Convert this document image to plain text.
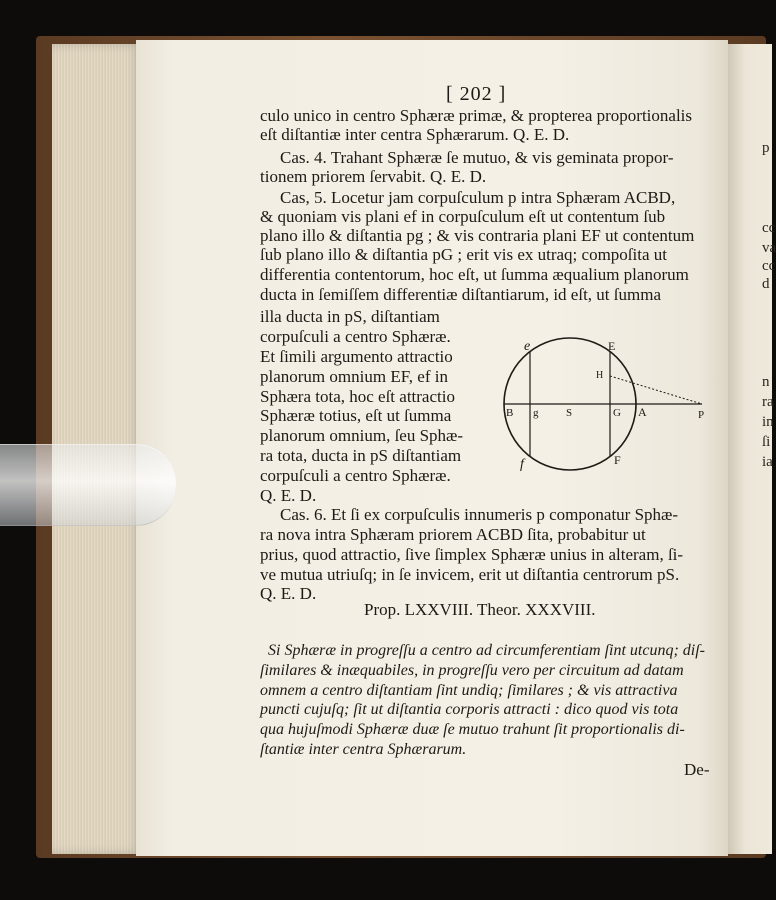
p
cc
va
cc
d
n
ra
in
ſi
ia
[ 202 ]
culo unico in centro Sphæræ primæ, & propterea proportionalis
eſt diſtantiæ inter centra Sphærarum. Q. E. D.
Cas. 4. Trahant Sphæræ ſe mutuo, & vis geminata propor-
tionem priorem ſervabit. Q. E. D.
Cas, 5. Locetur jam corpuſculum p intra Sphæram ACBD,
& quoniam vis plani ef in corpuſculum eſt ut contentum ſub
plano illo & diſtantia pg ; & vis contraria plani EF ut contentum
ſub plano illo & diſtantia pG ; erit vis ex utraq; compoſita ut
differentia contentorum, hoc eſt, ut ſumma æqualium planorum
ducta in ſemiſſem differentiæ diſtantiarum, id eſt, ut ſumma
illa ducta in pS, diſtantiam
corpuſculi a centro Sphæræ.
Et ſimili argumento attractio
planorum omnium EF, ef in
Sphæra tota, hoc eſt attractio
Sphæræ totius, eſt ut ſumma
planorum omnium, ſeu Sphæ-
ra tota, ducta in pS diſtantiam
corpuſculi a centro Sphæræ.
Q. E. D.
Cas. 6. Et ſi ex corpuſculis innumeris p componatur Sphæ-
ra nova intra Sphæram priorem ACBD ſita, probabitur ut
prius, quod attractio, ſive ſimplex Sphæræ unius in alteram, ſi-
ve mutua utriuſq; in ſe invicem, erit ut diſtantia centrorum pS.
Q. E. D.
Prop. LXXVIII. Theor. XXXVIII.
Si Sphæræ in progreſſu a centro ad circumferentiam ſint utcunq; diſ-
ſimilares & inæquabiles, in progreſſu vero per circuitum ad datam
omnem a centro diſtantiam ſint undiq; ſimilares ; & vis attractiva
puncti cujuſq; ſit ut diſtantia corporis attracti : dico quod vis tota
qua hujuſmodi Sphæræ duæ ſe mutuo trahunt ſit proportionalis di-
ſtantiæ inter centra Sphærarum.
De-
e	E
H
B g	S	G A	P
f	F
